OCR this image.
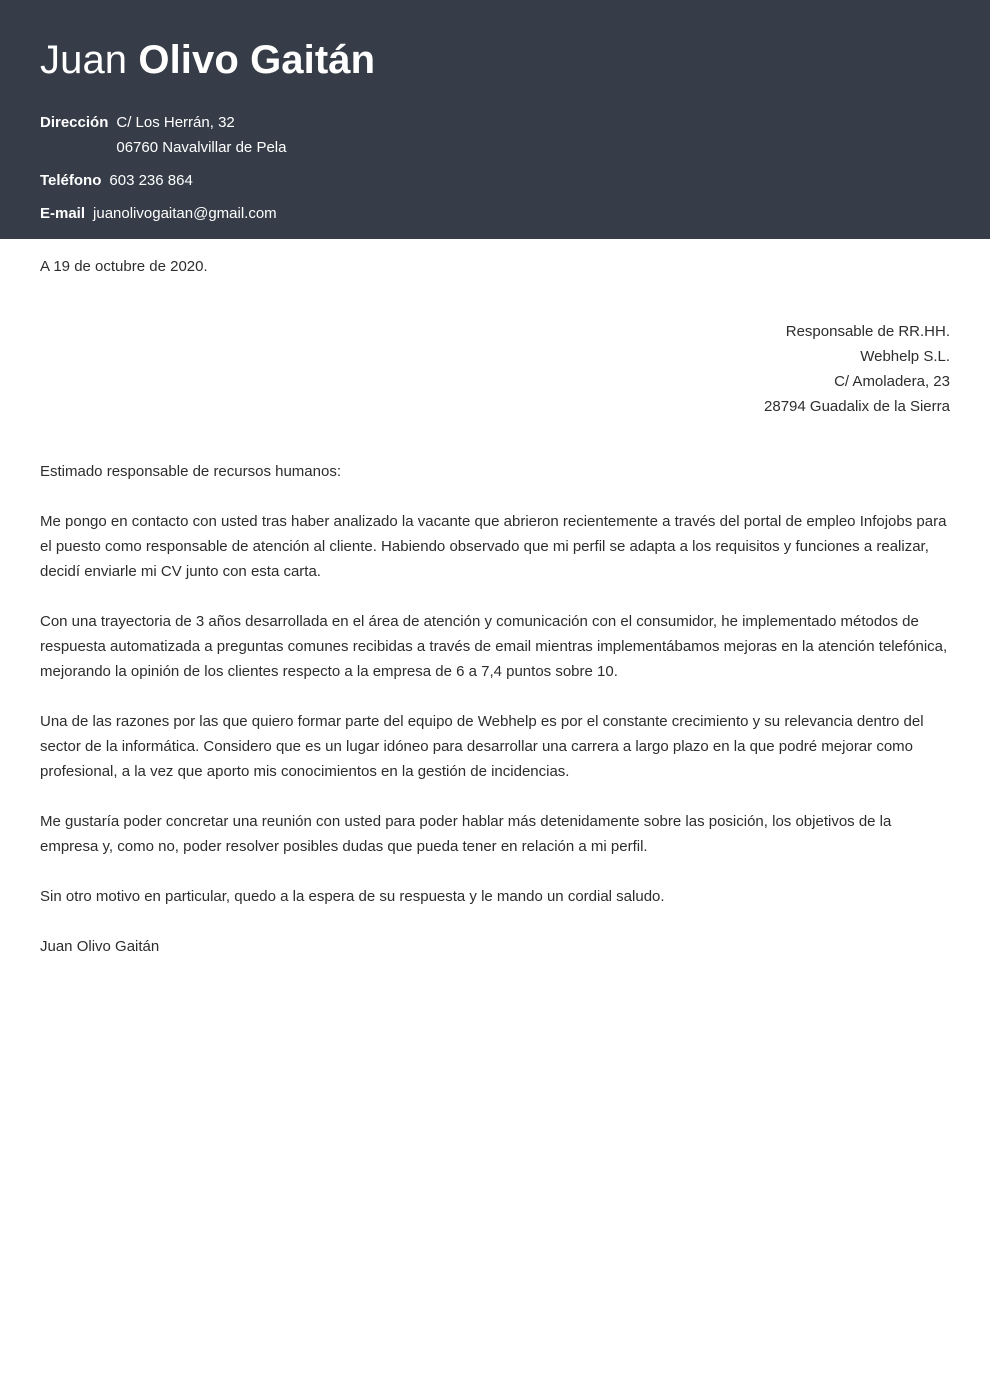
Juan Olivo Gaitán
Dirección C/ Los Herrán, 32
06760 Navalvillar de Pela
Teléfono 603 236 864
E-mail juanolivogaitan@gmail.com

A 19 de octubre de 2020.

Responsable de RR.HH.
Webhelp S.L.
C/ Amoladera, 23
28794 Guadalix de la Sierra

Estimado responsable de recursos humanos:

Me pongo en contacto con usted tras haber analizado la vacante que abrieron recientemente a través del portal de empleo Infojobs para el puesto como responsable de atención al cliente. Habiendo observado que mi perfil se adapta a los requisitos y funciones a realizar, decidí enviarle mi CV junto con esta carta.

Con una trayectoria de 3 años desarrollada en el área de atención y comunicación con el consumidor, he implementado métodos de respuesta automatizada a preguntas comunes recibidas a través de email mientras implementábamos mejoras en la atención telefónica, mejorando la opinión de los clientes respecto a la empresa de 6 a 7,4 puntos sobre 10.

Una de las razones por las que quiero formar parte del equipo de Webhelp es por el constante crecimiento y su relevancia dentro del sector de la informática. Considero que es un lugar idóneo para desarrollar una carrera a largo plazo en la que podré mejorar como profesional, a la vez que aporto mis conocimientos en la gestión de incidencias.

Me gustaría poder concretar una reunión con usted para poder hablar más detenidamente sobre las posición, los objetivos de la empresa y, como no, poder resolver posibles dudas que pueda tener en relación a mi perfil.

Sin otro motivo en particular, quedo a la espera de su respuesta y le mando un cordial saludo.

Juan Olivo Gaitán
